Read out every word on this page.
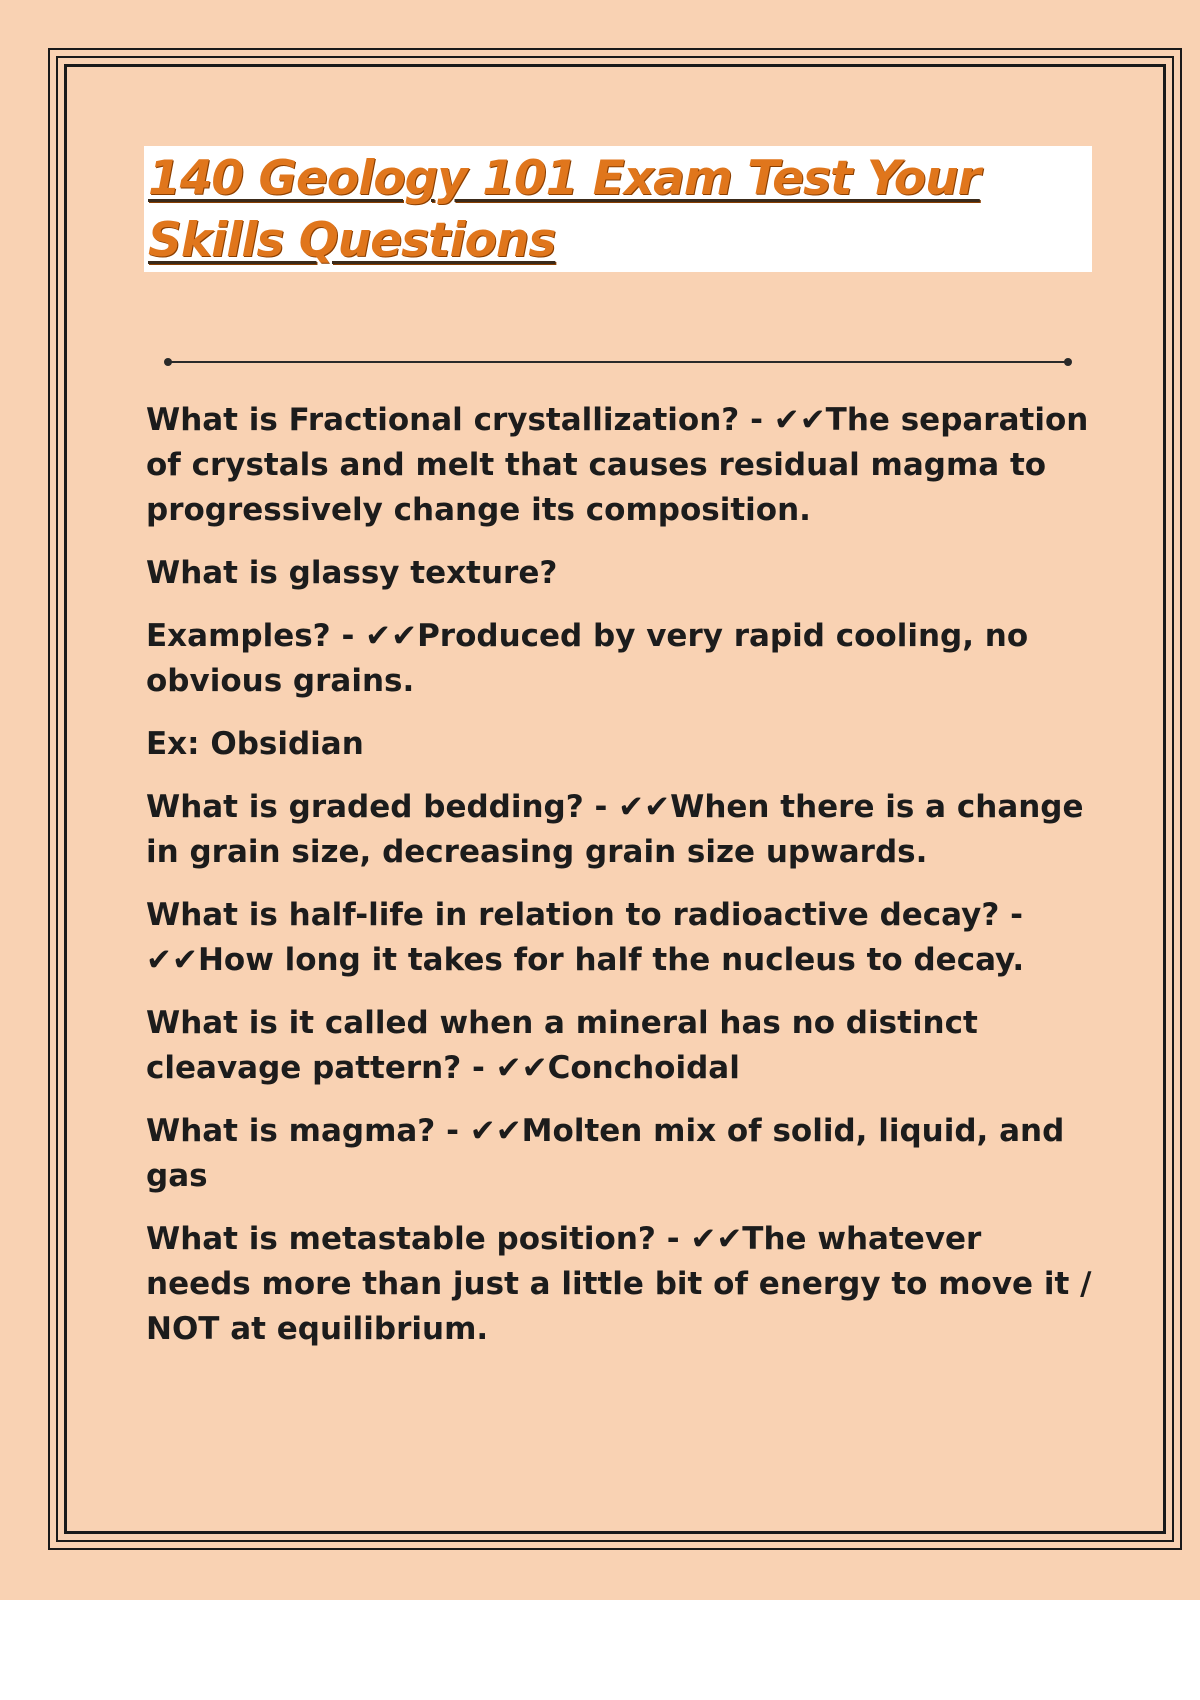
140 Geology 101 Exam Test Your Skills Questions

What is Fractional crystallization? - ✔✔The separation of crystals and melt that causes residual magma to progressively change its composition.

What is glassy texture?

Examples? - ✔✔Produced by very rapid cooling, no obvious grains.

Ex: Obsidian

What is graded bedding? - ✔✔When there is a change in grain size, decreasing grain size upwards.

What is half-life in relation to radioactive decay? - ✔✔How long it takes for half the nucleus to decay.

What is it called when a mineral has no distinct cleavage pattern? - ✔✔Conchoidal

What is magma? - ✔✔Molten mix of solid, liquid, and gas

What is metastable position? - ✔✔The whatever needs more than just a little bit of energy to move it / NOT at equilibrium.
